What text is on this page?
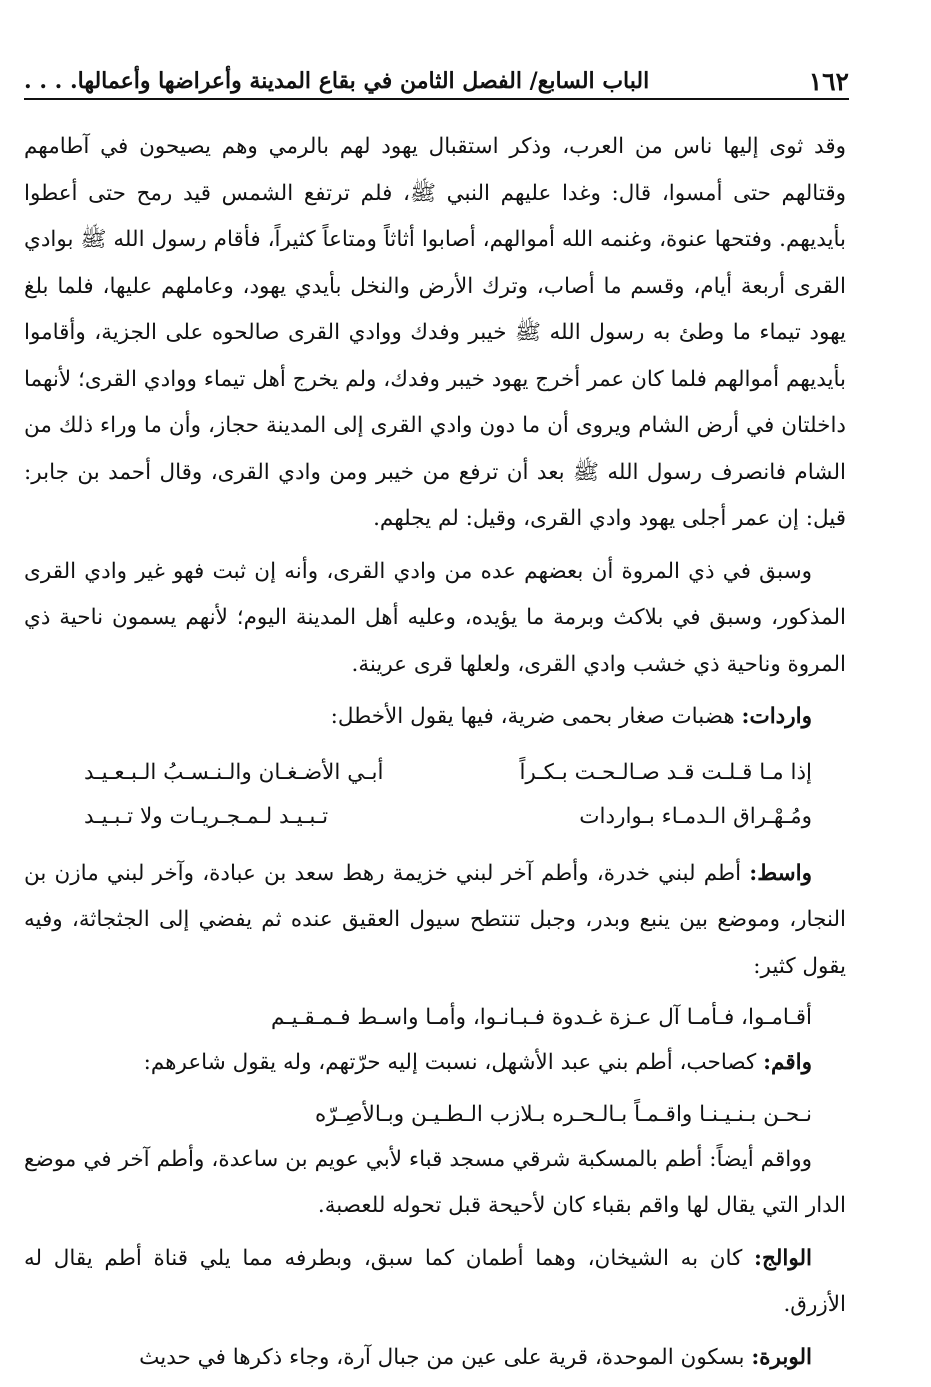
١٦٢
الباب السابع/ الفصل الثامن في بقاع المدينة وأعراضها وأعمالها. . . .

وقد ثوى إليها ناس من العرب، وذكر استقبال يهود لهم بالرمي وهم يصيحون في آطامهم وقتالهم حتى أمسوا، قال: وغدا عليهم النبي ﷺ، فلم ترتفع الشمس قيد رمح حتى أعطوا بأيديهم. وفتحها عنوة، وغنمه الله أموالهم، أصابوا أثاثاً ومتاعاً كثيراً، فأقام رسول الله ﷺ بوادي القرى أربعة أيام، وقسم ما أصاب، وترك الأرض والنخل بأيدي يهود، وعاملهم عليها، فلما بلغ يهود تيماء ما وطئ به رسول الله ﷺ خيبر وفدك ووادي القرى صالحوه على الجزية، وأقاموا بأيديهم أموالهم فلما كان عمر أخرج يهود خيبر وفدك، ولم يخرج أهل تيماء ووادي القرى؛ لأنهما داخلتان في أرض الشام ويروى أن ما دون وادي القرى إلى المدينة حجاز، وأن ما وراء ذلك من الشام فانصرف رسول الله ﷺ بعد أن ترفع من خيبر ومن وادي القرى، وقال أحمد بن جابر: قيل: إن عمر أجلى يهود وادي القرى، وقيل: لم يجلهم.

وسبق في ذي المروة أن بعضهم عده من وادي القرى، وأنه إن ثبت فهو غير وادي القرى المذكور، وسبق في بلاكث وبرمة ما يؤيده، وعليه أهل المدينة اليوم؛ لأنهم يسمون ناحية ذي المروة وناحية ذي خشب وادي القرى، ولعلها قرى عرينة.

واردات: هضبات صغار بحمى ضرية، فيها يقول الأخطل:

إذا مـا قـلـت قـد صـالـحـت بـكـراً
أبـي الأضـغـان والـنـسـبُ الـبـعـيـد
ومُـهْـراق الـدمـاء بـواردات
تـبـيـد لـمـجـريـات ولا تـبـيـد

واسط: أطم لبني خدرة، وأطم آخر لبني خزيمة رهط سعد بن عبادة، وآخر لبني مازن بن النجار، وموضع بين ينبع وبدر، وجبل تنتطح سيول العقيق عنده ثم يفضي إلى الجثجاثة، وفيه يقول كثير:

أقـامـوا، فـأمـا آل عـزة غـدوة فـبـانـوا، وأمـا واسـط فـمـقـيـم

واقم: كصاحب، أطم بني عبد الأشهل، نسبت إليه حرّتهم، وله يقول شاعرهم:

نـحـن بـنـيـنـا واقـمـاً بـالـحـره بـلازب الـطـيـن وبـالأصِـرّه

وواقم أيضاً: أطم بالمسكبة شرقي مسجد قباء لأبي عويم بن ساعدة، وأطم آخر في موضع الدار التي يقال لها واقم بقباء كان لأحيحة قبل تحوله للعصبة.

الوالج: كان به الشيخان، وهما أطمان كما سبق، وبطرفه مما يلي قناة أطم يقال له الأزرق.

الوبرة: بسكون الموحدة، قرية على عين من جبال آرة، وجاء ذكرها في حديث
